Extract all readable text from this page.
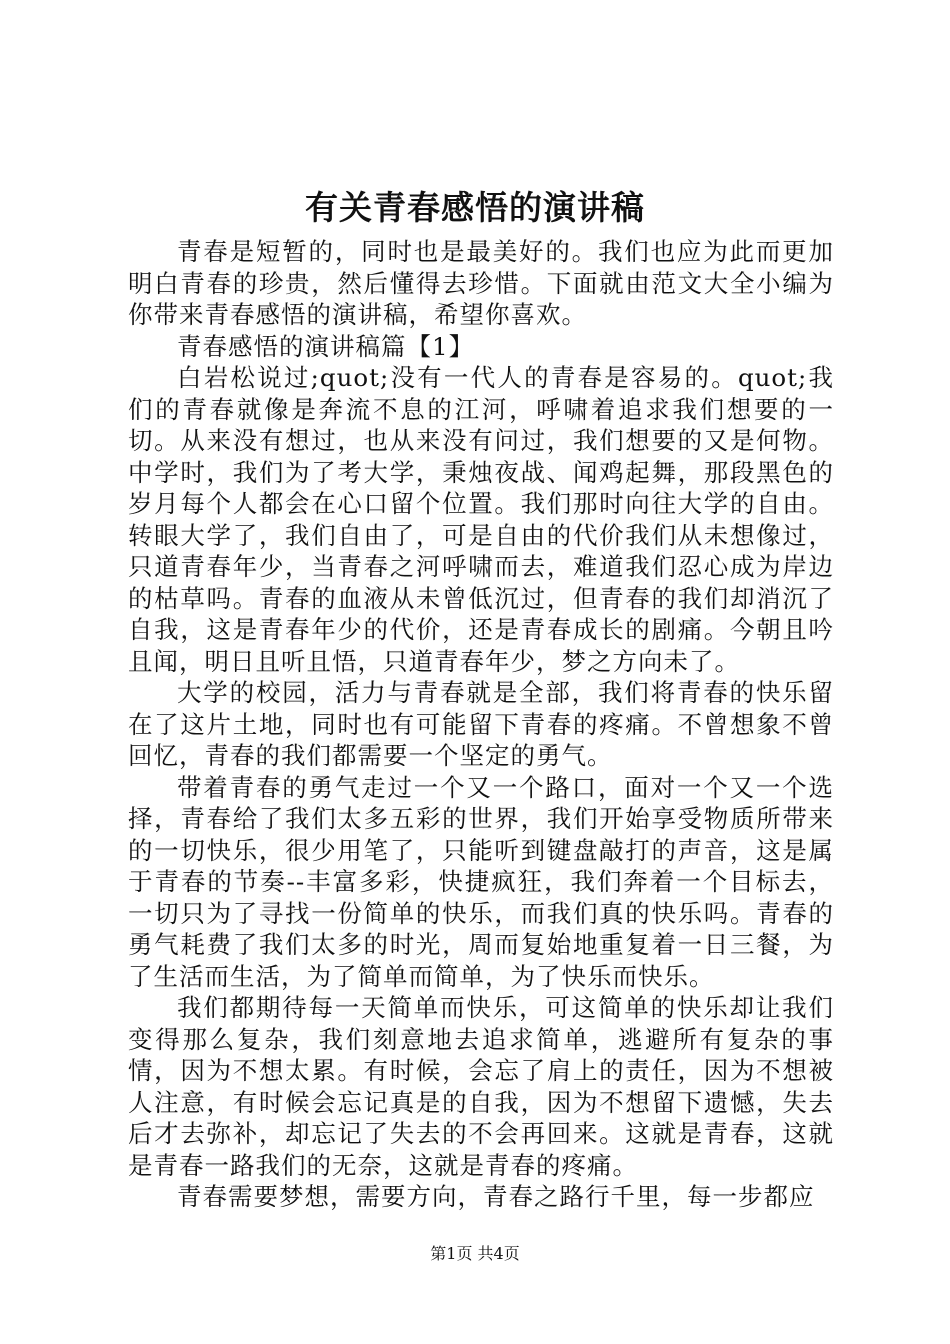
有关青春感悟的演讲稿

青春是短暂的，同时也是最美好的。我们也应为此而更加明白青春的珍贵，然后懂得去珍惜。下面就由范文大全小编为你带来青春感悟的演讲稿，希望你喜欢。

青春感悟的演讲稿篇【1】

白岩松说过;quot;没有一代人的青春是容易的。quot;我们的青春就像是奔流不息的江河，呼啸着追求我们想要的一切。从来没有想过，也从来没有问过，我们想要的又是何物。中学时，我们为了考大学，秉烛夜战、闻鸡起舞，那段黑色的岁月每个人都会在心口留个位置。我们那时向往大学的自由。转眼大学了，我们自由了，可是自由的代价我们从未想像过，只道青春年少，当青春之河呼啸而去，难道我们忍心成为岸边的枯草吗。青春的血液从未曾低沉过，但青春的我们却消沉了自我，这是青春年少的代价，还是青春成长的剧痛。今朝且吟且闻，明日且听且悟，只道青春年少，梦之方向未了。

大学的校园，活力与青春就是全部，我们将青春的快乐留在了这片土地，同时也有可能留下青春的疼痛。不曾想象不曾回忆，青春的我们都需要一个坚定的勇气。

带着青春的勇气走过一个又一个路口，面对一个又一个选择，青春给了我们太多五彩的世界，我们开始享受物质所带来的一切快乐，很少用笔了，只能听到键盘敲打的声音，这是属于青春的节奏--丰富多彩，快捷疯狂，我们奔着一个目标去，一切只为了寻找一份简单的快乐，而我们真的快乐吗。青春的勇气耗费了我们太多的时光，周而复始地重复着一日三餐，为了生活而生活，为了简单而简单，为了快乐而快乐。

我们都期待每一天简单而快乐，可这简单的快乐却让我们变得那么复杂，我们刻意地去追求简单，逃避所有复杂的事情，因为不想太累。有时候，会忘了肩上的责任，因为不想被人注意，有时候会忘记真是的自我，因为不想留下遗憾，失去后才去弥补，却忘记了失去的不会再回来。这就是青春，这就是青春一路我们的无奈，这就是青春的疼痛。

青春需要梦想，需要方向，青春之路行千里，每一步都应

第1页 共4页
